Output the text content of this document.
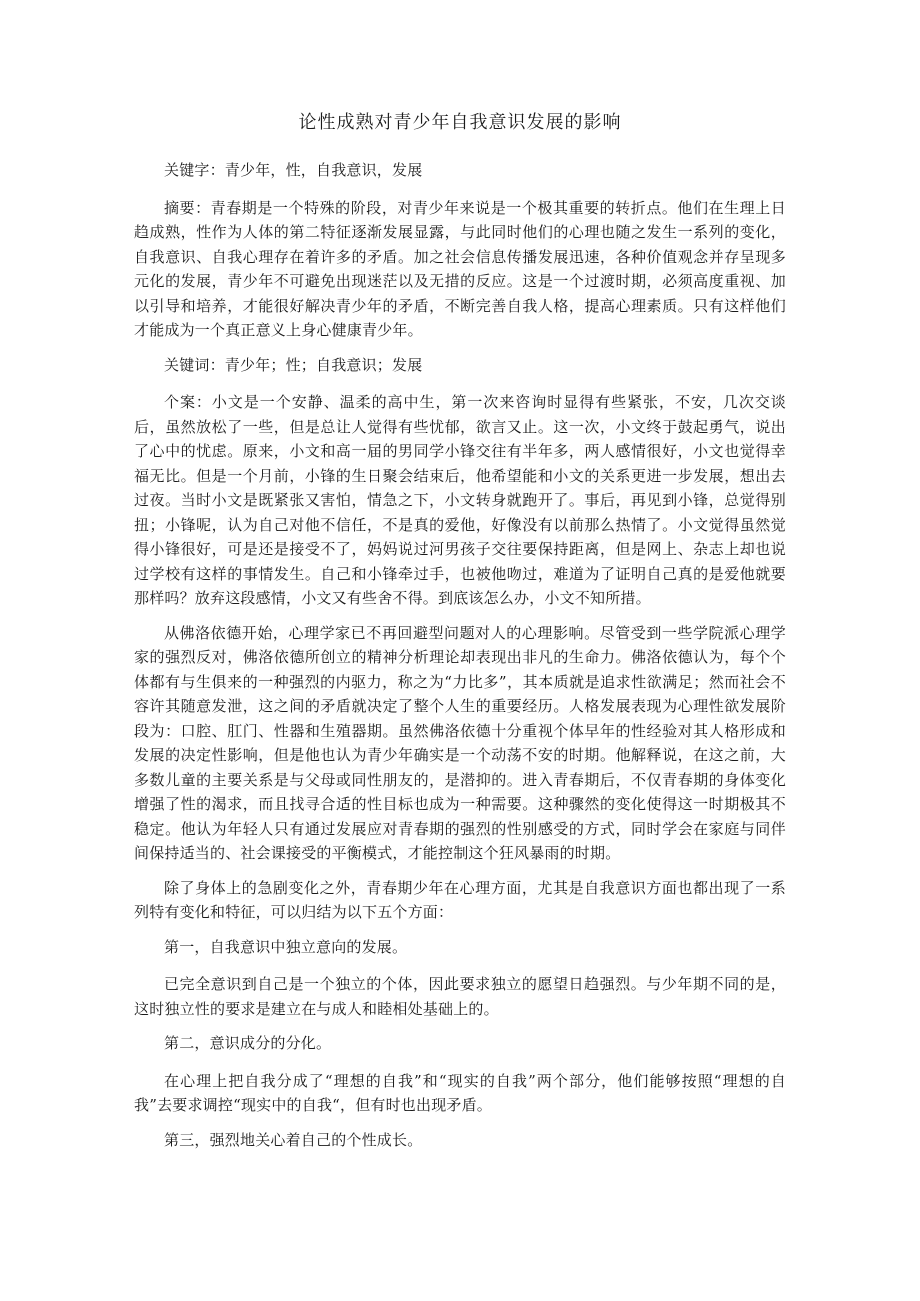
论性成熟对青少年自我意识发展的影响

关键字：青少年，性，自我意识，发展

摘要：青春期是一个特殊的阶段，对青少年来说是一个极其重要的转折点。他们在生理上日趋成熟，性作为人体的第二特征逐渐发展显露，与此同时他们的心理也随之发生一系列的变化，自我意识、自我心理存在着许多的矛盾。加之社会信息传播发展迅速，各种价值观念并存呈现多元化的发展，青少年不可避免出现迷茫以及无措的反应。这是一个过渡时期，必须高度重视、加以引导和培养，才能很好解决青少年的矛盾，不断完善自我人格，提高心理素质。只有这样他们才能成为一个真正意义上身心健康青少年。

关键词：青少年；性；自我意识；发展

个案：小文是一个安静、温柔的高中生，第一次来咨询时显得有些紧张，不安，几次交谈后，虽然放松了一些，但是总让人觉得有些忧郁，欲言又止。这一次，小文终于鼓起勇气，说出了心中的忧虑。原来，小文和高一届的男同学小锋交往有半年多，两人感情很好，小文也觉得幸福无比。但是一个月前，小锋的生日聚会结束后，他希望能和小文的关系更进一步发展，想出去过夜。当时小文是既紧张又害怕，情急之下，小文转身就跑开了。事后，再见到小锋，总觉得别扭；小锋呢，认为自己对他不信任，不是真的爱他，好像没有以前那么热情了。小文觉得虽然觉得小锋很好，可是还是接受不了，妈妈说过河男孩子交往要保持距离，但是网上、杂志上却也说过学校有这样的事情发生。自己和小锋牵过手，也被他吻过，难道为了证明自己真的是爱他就要那样吗？放弃这段感情，小文又有些舍不得。到底该怎么办，小文不知所措。

从佛洛依德开始，心理学家已不再回避型问题对人的心理影响。尽管受到一些学院派心理学家的强烈反对，佛洛依德所创立的精神分析理论却表现出非凡的生命力。佛洛依德认为，每个个体都有与生俱来的一种强烈的内驱力，称之为“力比多”，其本质就是追求性欲满足；然而社会不容许其随意发泄，这之间的矛盾就决定了整个人生的重要经历。人格发展表现为心理性欲发展阶段为：口腔、肛门、性器和生殖器期。虽然佛洛依德十分重视个体早年的性经验对其人格形成和发展的决定性影响，但是他也认为青少年确实是一个动荡不安的时期。他解释说，在这之前，大多数儿童的主要关系是与父母或同性朋友的，是潜抑的。进入青春期后，不仅青春期的身体变化增强了性的渴求，而且找寻合适的性目标也成为一种需要。这种骤然的变化使得这一时期极其不稳定。他认为年轻人只有通过发展应对青春期的强烈的性别感受的方式，同时学会在家庭与同伴间保持适当的、社会课接受的平衡模式，才能控制这个狂风暴雨的时期。

除了身体上的急剧变化之外，青春期少年在心理方面，尤其是自我意识方面也都出现了一系列特有变化和特征，可以归结为以下五个方面：

第一，自我意识中独立意向的发展。

已完全意识到自己是一个独立的个体，因此要求独立的愿望日趋强烈。与少年期不同的是，这时独立性的要求是建立在与成人和睦相处基础上的。

第二，意识成分的分化。

在心理上把自我分成了“理想的自我”和“现实的自我”两个部分，他们能够按照“理想的自我”去要求调控“现实中的自我“，但有时也出现矛盾。

第三，强烈地关心着自己的个性成长。
